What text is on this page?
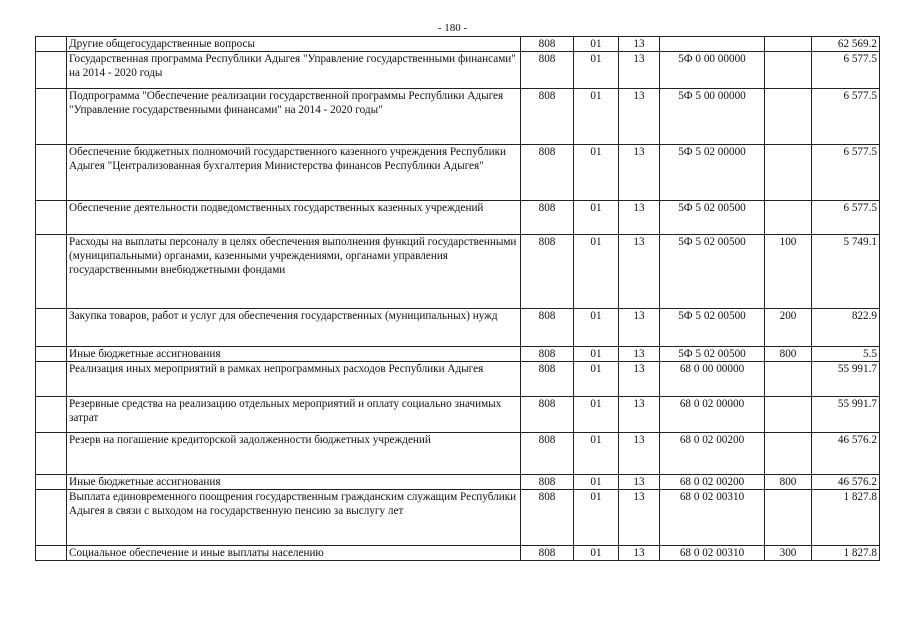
- 180 -
	Другие общегосударственные вопросы	808	01	13			62 569.2
	Государственная программа Республики Адыгея "Управление государственными финансами" на 2014 - 2020 годы	808	01	13	5Ф 0 00 00000		6 577.5
	Подпрограмма "Обеспечение реализации государственной программы Республики Адыгея "Управление государственными финансами" на 2014 - 2020 годы"	808	01	13	5Ф 5 00 00000		6 577.5
	Обеспечение бюджетных полномочий государственного казенного учреждения Республики Адыгея "Централизованная бухгалтерия Министерства финансов Республики Адыгея"	808	01	13	5Ф 5 02 00000		6 577.5
	Обеспечение деятельности подведомственных государственных казенных учреждений	808	01	13	5Ф 5 02 00500		6 577.5
	Расходы на выплаты персоналу в целях обеспечения выполнения функций государственными (муниципальными) органами, казенными учреждениями, органами управления государственными внебюджетными фондами	808	01	13	5Ф 5 02 00500	100	5 749.1
	Закупка товаров, работ и услуг для обеспечения государственных (муниципальных) нужд	808	01	13	5Ф 5 02 00500	200	822.9
	Иные бюджетные ассигнования	808	01	13	5Ф 5 02 00500	800	5.5
	Реализация иных мероприятий в рамках непрограммных расходов Республики Адыгея	808	01	13	68 0 00 00000		55 991.7
	Резервные средства на реализацию отдельных мероприятий и оплату социально значимых затрат	808	01	13	68 0 02 00000		55 991.7
	Резерв на погашение кредиторской задолженности бюджетных учреждений	808	01	13	68 0 02 00200		46 576.2
	Иные бюджетные ассигнования	808	01	13	68 0 02 00200	800	46 576.2
	Выплата единовременного поощрения государственным гражданским служащим Республики Адыгея в связи с выходом на государственную пенсию за выслугу лет	808	01	13	68 0 02 00310		1 827.8
	Социальное обеспечение и иные выплаты населению	808	01	13	68 0 02 00310	300	1 827.8
